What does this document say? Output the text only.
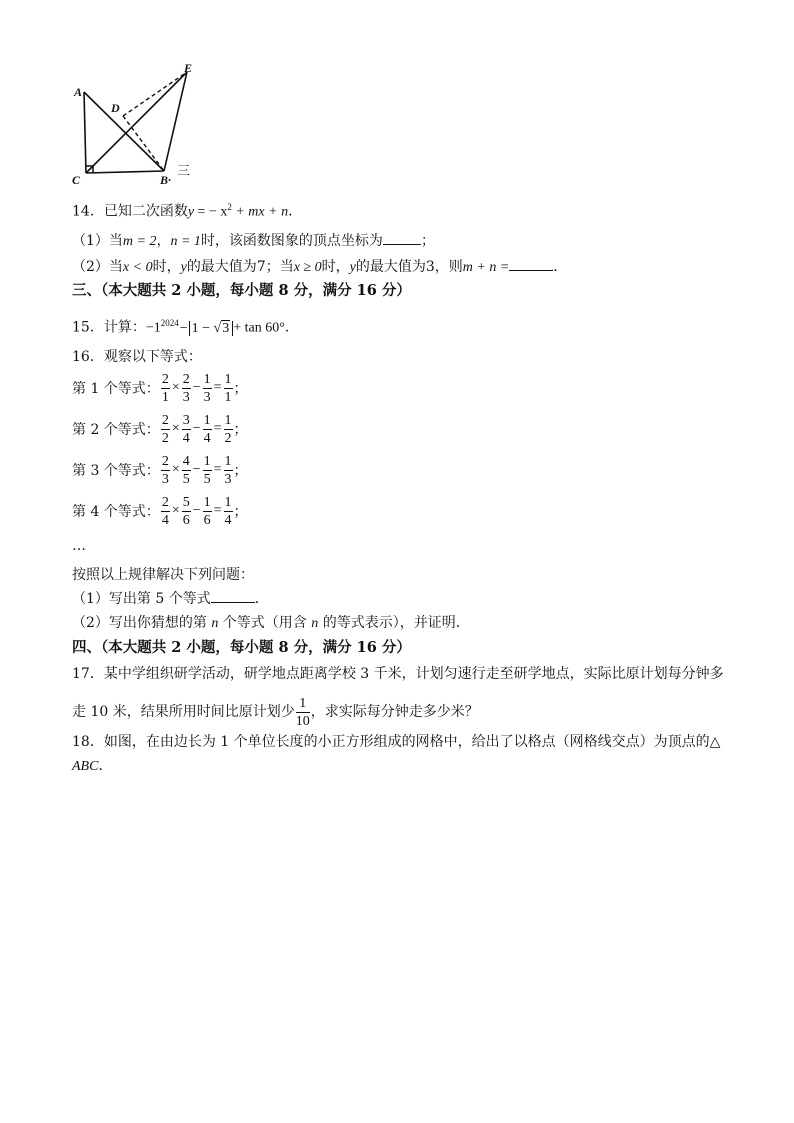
A
D
E
C	B·
三
14．已知二次函数y = − $x^2$ + mx + n．
（1）当m = 2，n = 1时，该函数图象的顶点坐标为	；
（2）当x < 0时，y的最大值为7；当x ≥ 0时，y的最大值为3，则m + n =	．
三、（本大题共 2 小题，每小题 8 分，满分 16 分）
15．计算：$-1^{2024}- 1 - √3 + \tan 60^\circ$．
16．观察以下等式：
第 1 个等式： $\frac{2}{1} \times \frac{2}{3} - \frac{1}{3} = \frac{1}{1}$ ；
第 2 个等式： $\frac{2}{2} \times \frac{3}{4} - \frac{1}{4} = \frac{1}{2}$ ；
第 3 个等式： $\frac{2}{3} \times \frac{4}{5} - \frac{1}{5} = \frac{1}{3}$ ；
第 4 个等式： $\frac{2}{4} \times \frac{5}{6} - \frac{1}{6} = \frac{1}{4}$ ；
…
按照以上规律解决下列问题：
（1）写出第 5 个等式	．
（2）写出你猜想的第 n 个等式（用含 n 的等式表示），并证明．
四、（本大题共 2 小题，每小题 8 分，满分 16 分）
17．某中学组织研学活动，研学地点距离学校 3 千米，计划匀速行走至研学地点，实际比原计划每分钟多
走 10 米，结果所用时间比原计划少 $\frac{1}{10}$ ，求实际每分钟走多少米？
18．如图，在由边长为 1 个单位长度的小正方形组成的网格中，给出了以格点（网格线交点）为顶点的△
ABC．
